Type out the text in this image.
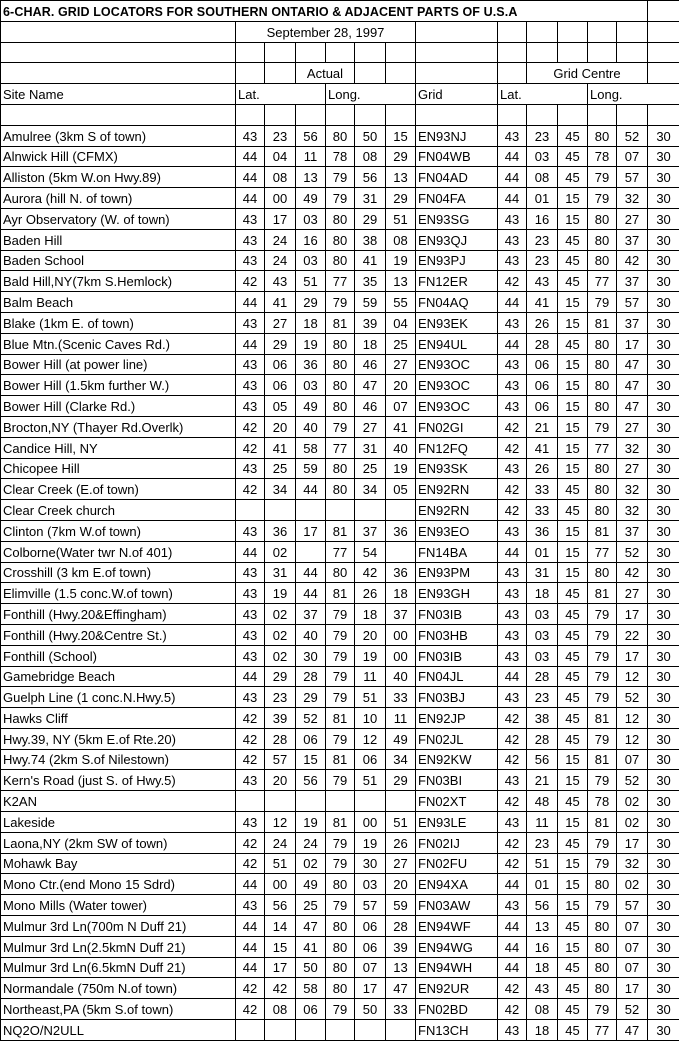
6-CHAR. GRID LOCATORS FOR SOUTHERN ONTARIO & ADJACENT PARTS OF U.S.A													
	September 28, 1997												

			Actual						Grid Centre				
Site Name	Lat.			Long.			Grid	Lat.			Long.		

Amulree (3km S of town)	43	23	56	80	50	15	EN93NJ	43	23	45	80	52	30
Alnwick Hill (CFMX)	44	04	11	78	08	29	FN04WB	44	03	45	78	07	30
Alliston (5km W.on Hwy.89)	44	08	13	79	56	13	FN04AD	44	08	45	79	57	30
Aurora (hill N. of town)	44	00	49	79	31	29	FN04FA	44	01	15	79	32	30
Ayr Observatory (W. of town)	43	17	03	80	29	51	EN93SG	43	16	15	80	27	30
Baden Hill	43	24	16	80	38	08	EN93QJ	43	23	45	80	37	30
Baden School	43	24	03	80	41	19	EN93PJ	43	23	45	80	42	30
Bald Hill,NY(7km S.Hemlock)	42	43	51	77	35	13	FN12ER	42	43	45	77	37	30
Balm Beach	44	41	29	79	59	55	FN04AQ	44	41	15	79	57	30
Blake (1km E. of town)	43	27	18	81	39	04	EN93EK	43	26	15	81	37	30
Blue Mtn.(Scenic Caves Rd.)	44	29	19	80	18	25	EN94UL	44	28	45	80	17	30
Bower Hill (at power line)	43	06	36	80	46	27	EN93OC	43	06	15	80	47	30
Bower Hill (1.5km further W.)	43	06	03	80	47	20	EN93OC	43	06	15	80	47	30
Bower Hill (Clarke Rd.)	43	05	49	80	46	07	EN93OC	43	06	15	80	47	30
Brocton,NY (Thayer Rd.Overlk)	42	20	40	79	27	41	FN02GI	42	21	15	79	27	30
Candice Hill, NY	42	41	58	77	31	40	FN12FQ	42	41	15	77	32	30
Chicopee Hill	43	25	59	80	25	19	EN93SK	43	26	15	80	27	30
Clear Creek (E.of town)	42	34	44	80	34	05	EN92RN	42	33	45	80	32	30
Clear Creek church							EN92RN	42	33	45	80	32	30
Clinton (7km W.of town)	43	36	17	81	37	36	EN93EO	43	36	15	81	37	30
Colborne(Water twr N.of 401)	44	02		77	54		FN14BA	44	01	15	77	52	30
Crosshill (3 km E.of town)	43	31	44	80	42	36	EN93PM	43	31	15	80	42	30
Elimville (1.5 conc.W.of town)	43	19	44	81	26	18	EN93GH	43	18	45	81	27	30
Fonthill (Hwy.20&Effingham)	43	02	37	79	18	37	FN03IB	43	03	45	79	17	30
Fonthill (Hwy.20&Centre St.)	43	02	40	79	20	00	FN03HB	43	03	45	79	22	30
Fonthill (School)	43	02	30	79	19	00	FN03IB	43	03	45	79	17	30
Gamebridge Beach	44	29	28	79	11	40	FN04JL	44	28	45	79	12	30
Guelph Line (1 conc.N.Hwy.5)	43	23	29	79	51	33	FN03BJ	43	23	45	79	52	30
Hawks Cliff	42	39	52	81	10	11	EN92JP	42	38	45	81	12	30
Hwy.39, NY (5km E.of Rte.20)	42	28	06	79	12	49	FN02JL	42	28	45	79	12	30
Hwy.74 (2km S.of Nilestown)	42	57	15	81	06	34	EN92KW	42	56	15	81	07	30
Kern's Road (just S. of Hwy.5)	43	20	56	79	51	29	FN03BI	43	21	15	79	52	30
K2AN							FN02XT	42	48	45	78	02	30
Lakeside	43	12	19	81	00	51	EN93LE	43	11	15	81	02	30
Laona,NY (2km SW of town)	42	24	24	79	19	26	FN02IJ	42	23	45	79	17	30
Mohawk Bay	42	51	02	79	30	27	FN02FU	42	51	15	79	32	30
Mono Ctr.(end Mono 15 Sdrd)	44	00	49	80	03	20	EN94XA	44	01	15	80	02	30
Mono Mills (Water tower)	43	56	25	79	57	59	FN03AW	43	56	15	79	57	30
Mulmur 3rd Ln(700m N Duff 21)	44	14	47	80	06	28	EN94WF	44	13	45	80	07	30
Mulmur 3rd Ln(2.5kmN Duff 21)	44	15	41	80	06	39	EN94WG	44	16	15	80	07	30
Mulmur 3rd Ln(6.5kmN Duff 21)	44	17	50	80	07	13	EN94WH	44	18	45	80	07	30
Normandale (750m N.of town)	42	42	58	80	17	47	EN92UR	42	43	45	80	17	30
Northeast,PA (5km S.of town)	42	08	06	79	50	33	FN02BD	42	08	45	79	52	30
NQ2O/N2ULL							FN13CH	43	18	45	77	47	30
